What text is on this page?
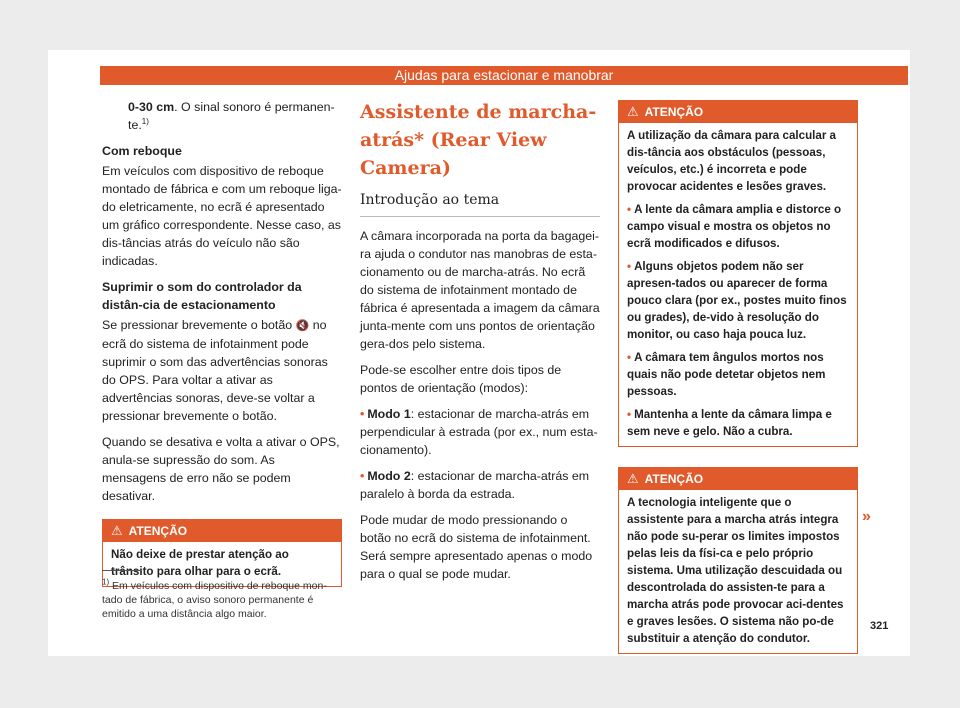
Ajudas para estacionar e manobrar

0-30 cm. O sinal sonoro é permanen-te.$^{1)}$

Com reboque

Em veículos com dispositivo de reboque montado de fábrica e com um reboque liga-do eletricamente, no ecrã é apresentado um gráfico correspondente. Nesse caso, as dis-tâncias atrás do veículo não são indicadas.

Suprimir o som do controlador da distân-cia de estacionamento

Se pressionar brevemente o botão 🔇 no ecrã do sistema de infotainment pode suprimir o som das advertências sonoras do OPS. Para voltar a ativar as advertências sonoras, deve-se voltar a pressionar brevemente o botão.

Quando se desativa e volta a ativar o OPS, anula-se supressão do som. As mensagens de erro não se podem desativar.

⚠ ATENÇÃO

Não deixe de prestar atenção ao trânsito para olhar para o ecrã.

Assistente de marcha-atrás* (Rear View Camera)
Introdução ao tema

A câmara incorporada na porta da bagagei-ra ajuda o condutor nas manobras de esta-cionamento ou de marcha-atrás. No ecrã do sistema de infotainment montado de fábrica é apresentada a imagem da câmara junta-mente com uns pontos de orientação gera-dos pelo sistema.

Pode-se escolher entre dois tipos de pontos de orientação (modos):

• Modo 1: estacionar de marcha-atrás em perpendicular à estrada (por ex., num esta-cionamento).

• Modo 2: estacionar de marcha-atrás em paralelo à borda da estrada.

Pode mudar de modo pressionando o botão no ecrã do sistema de infotainment. Será sempre apresentado apenas o modo para o qual se pode mudar.

⚠ ATENÇÃO

A utilização da câmara para calcular a dis-tância aos obstáculos (pessoas, veículos, etc.) é incorreta e pode provocar acidentes e lesões graves.

• A lente da câmara amplia e distorce o campo visual e mostra os objetos no ecrã modificados e difusos.

• Alguns objetos podem não ser apresen-tados ou aparecer de forma pouco clara (por ex., postes muito finos ou grades), de-vido à resolução do monitor, ou caso haja pouca luz.

• A câmara tem ângulos mortos nos quais não pode detetar objetos nem pessoas.

• Mantenha a lente da câmara limpa e sem neve e gelo. Não a cubra.

⚠ ATENÇÃO

A tecnologia inteligente que o assistente para a marcha atrás integra não pode su-perar os limites impostos pelas leis da físi-ca e pelo próprio sistema. Uma utilização descuidada ou descontrolada do assisten-te para a marcha atrás pode provocar aci-dentes e graves lesões. O sistema não po-de substituir a atenção do condutor.

»
$^{1)}$ Em veículos com dispositivo de reboque mon-tado de fábrica, o aviso sonoro permanente é emitido a uma distância algo maior.
321
